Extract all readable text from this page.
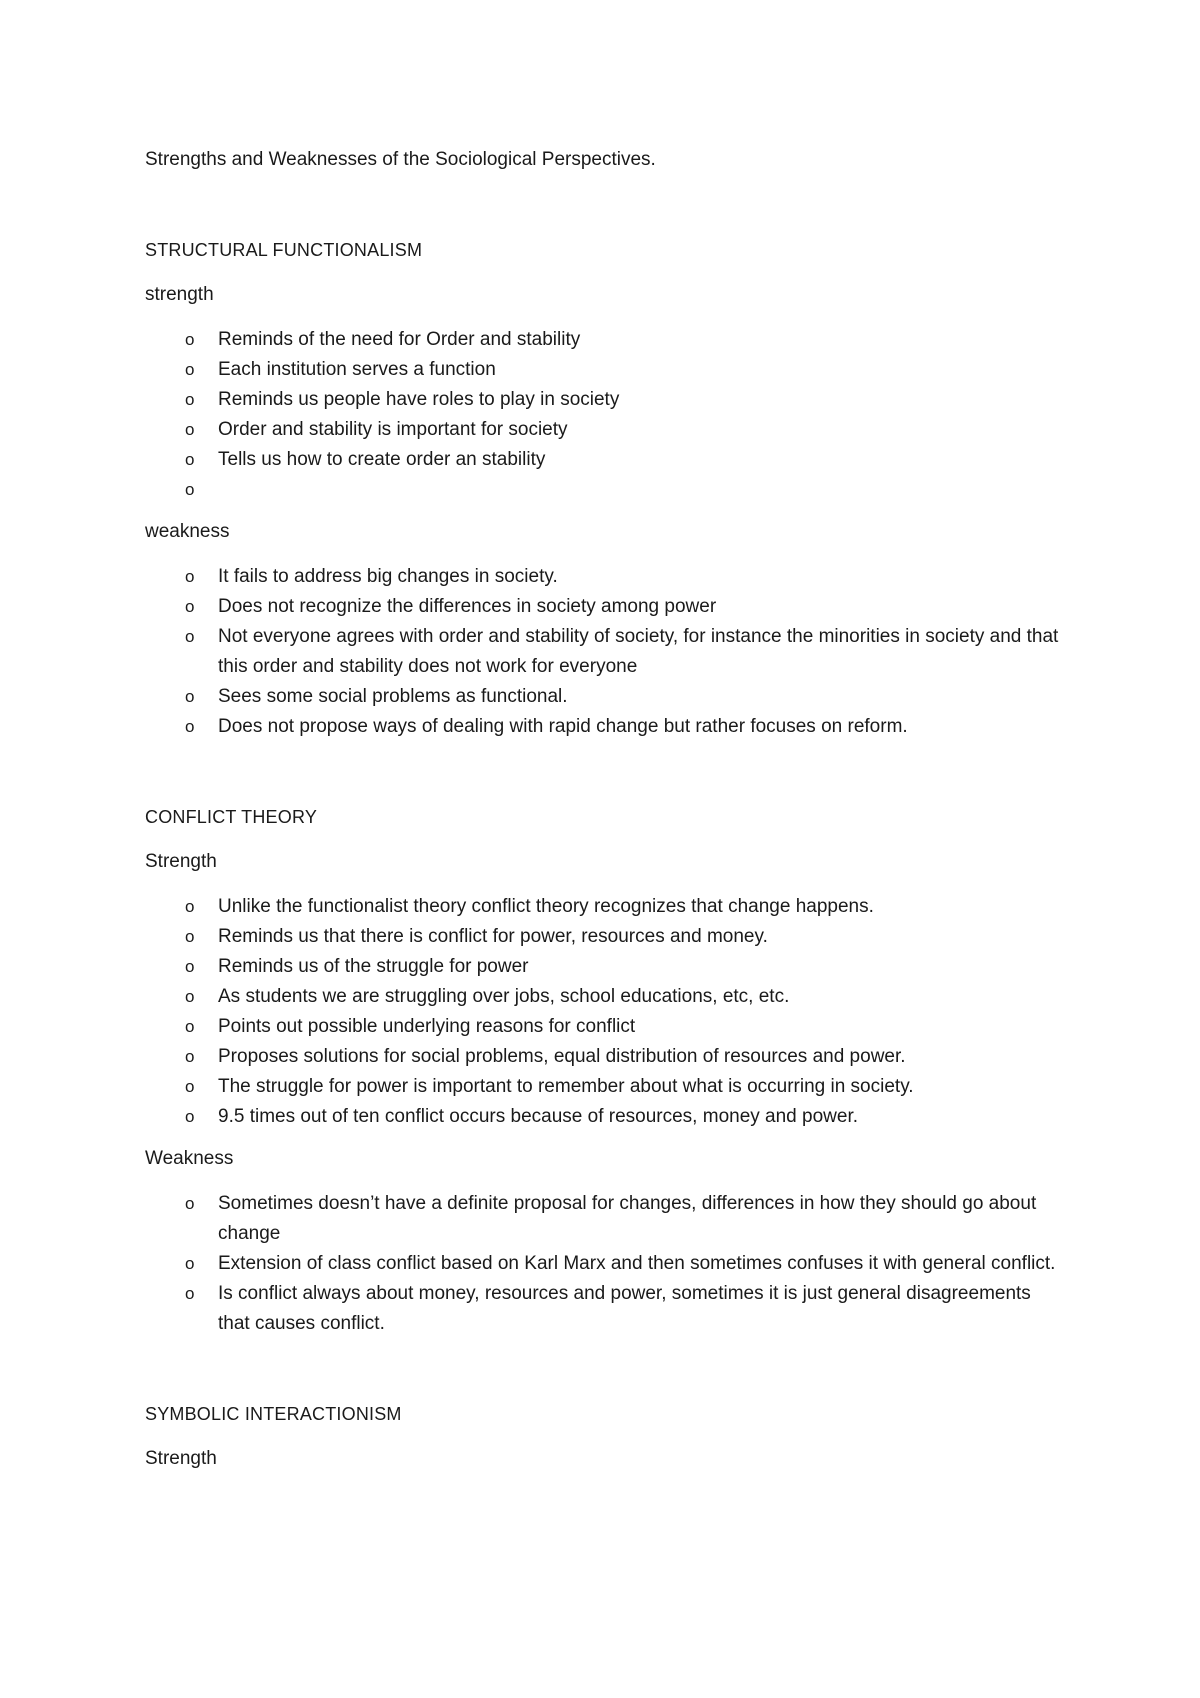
Strengths and Weaknesses of the Sociological Perspectives.

STRUCTURAL FUNCTIONALISM

strength

o Reminds of the need for Order and stability
o Each institution serves a function
o Reminds us people have roles to play in society
o Order and stability is important for society
o Tells us how to create order an stability
o

weakness

o It fails to address big changes in society.
o Does not recognize the differences in society among power
o Not everyone agrees with order and stability of society, for instance the minorities in society and that this order and stability does not work for everyone
o Sees some social problems as functional.
o Does not propose ways of dealing with rapid change but rather focuses on reform.

CONFLICT THEORY

Strength

o Unlike the functionalist theory conflict theory recognizes that change happens.
o Reminds us that there is conflict for power, resources and money.
o Reminds us of the struggle for power
o As students we are struggling over jobs, school educations, etc, etc.
o Points out possible underlying reasons for conflict
o Proposes solutions for social problems, equal distribution of resources and power.
o The struggle for power is important to remember about what is occurring in society.
o 9.5 times out of ten conflict occurs because of resources, money and power.

Weakness

o Sometimes doesn’t have a definite proposal for changes, differences in how they should go about change
o Extension of class conflict based on Karl Marx and then sometimes confuses it with general conflict.
o Is conflict always about money, resources and power, sometimes it is just general disagreements that causes conflict.

SYMBOLIC INTERACTIONISM

Strength
